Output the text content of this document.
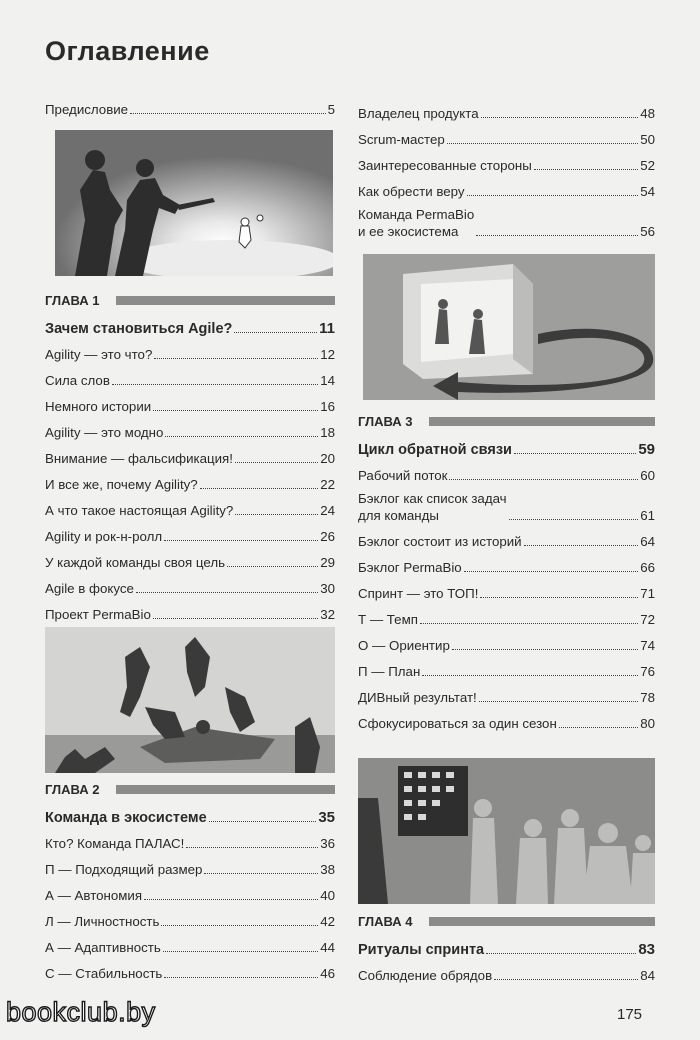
Оглавление
Предисловие	5
ГЛАВА 1
Зачем становиться Agile?	11
Agility — это что?	12
Сила слов	14
Немного истории	16
Agility — это модно	18
Внимание — фальсификация!	20
И все же, почему Agility?	22
А что такое настоящая Agility?	24
Agility и рок-н-ролл	26
У каждой команды своя цель	29
Agile в фокусе	30
Проект PermaBio	32
ГЛАВА 2
Команда в экосистеме	35
Кто? Команда ПАЛАС!	36
П — Подходящий размер	38
А — Автономия	40
Л — Личностность	42
А — Адаптивность	44
С — Стабильность	46
Владелец продукта	48
Scrum-мастер	50
Заинтересованные стороны	52
Как обрести веру	54
Команда PermaBio
и ее экосистема	56
ГЛАВА 3
Цикл обратной связи	59
Рабочий поток	60
Бэклог как список задач
для команды	61
Бэклог состоит из историй	64
Бэклог PermaBio	66
Спринт — это ТОП!	71
Т — Темп	72
О — Ориентир	74
П — План	76
ДИВный результат!	78
Сфокусироваться за один сезон	80
ГЛАВА 4
Ритуалы спринта	83
Соблюдение обрядов	84
bookclub.by	175
